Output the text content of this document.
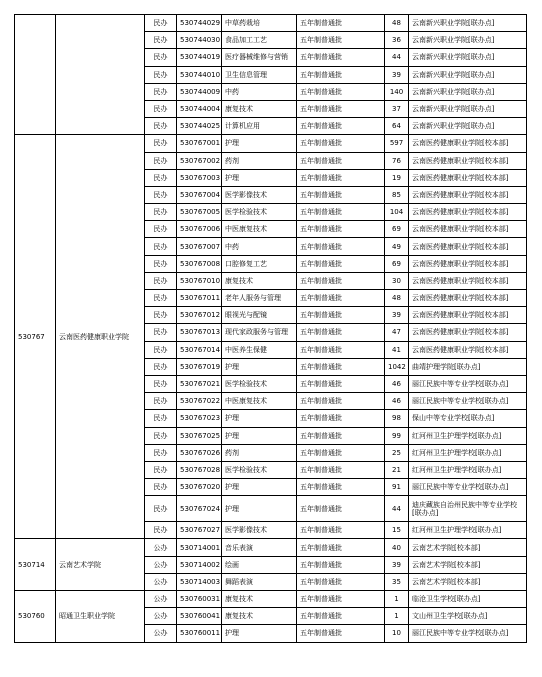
		民办	530744029	中草药栽培	五年制普通批	48	云南新兴职业学院[联办点]
		民办	530744030	食品加工工艺	五年制普通批	36	云南新兴职业学院[联办点]
		民办	530744019	医疗器械维修与营销	五年制普通批	44	云南新兴职业学院[联办点]
		民办	530744010	卫生信息管理	五年制普通批	39	云南新兴职业学院[联办点]
		民办	530744009	中药	五年制普通批	140	云南新兴职业学院[联办点]
		民办	530744004	康复技术	五年制普通批	37	云南新兴职业学院[联办点]
		民办	530744025	计算机应用	五年制普通批	64	云南新兴职业学院[联办点]
530767	云南医药健康职业学院	民办	530767001	护理	五年制普通批	597	云南医药健康职业学院[校本部]
		民办	530767002	药剂	五年制普通批	76	云南医药健康职业学院[校本部]
		民办	530767003	护理	五年制普通批	19	云南医药健康职业学院[校本部]
		民办	530767004	医学影像技术	五年制普通批	85	云南医药健康职业学院[校本部]
		民办	530767005	医学检验技术	五年制普通批	104	云南医药健康职业学院[校本部]
		民办	530767006	中医康复技术	五年制普通批	69	云南医药健康职业学院[校本部]
		民办	530767007	中药	五年制普通批	49	云南医药健康职业学院[校本部]
		民办	530767008	口腔修复工艺	五年制普通批	69	云南医药健康职业学院[校本部]
		民办	530767010	康复技术	五年制普通批	30	云南医药健康职业学院[校本部]
		民办	530767011	老年人服务与管理	五年制普通批	48	云南医药健康职业学院[校本部]
		民办	530767012	眼视光与配镜	五年制普通批	39	云南医药健康职业学院[校本部]
		民办	530767013	现代家政服务与管理	五年制普通批	47	云南医药健康职业学院[校本部]
		民办	530767014	中医养生保健	五年制普通批	41	云南医药健康职业学院[校本部]
		民办	530767019	护理	五年制普通批	1042	曲靖护理学院[联办点]
		民办	530767021	医学检验技术	五年制普通批	46	丽江民族中等专业学校[联办点]
		民办	530767022	中医康复技术	五年制普通批	46	丽江民族中等专业学校[联办点]
		民办	530767023	护理	五年制普通批	98	保山中等专业学校[联办点]
		民办	530767025	护理	五年制普通批	99	红河州卫生护理学校[联办点]
		民办	530767026	药剂	五年制普通批	25	红河州卫生护理学校[联办点]
		民办	530767028	医学检验技术	五年制普通批	21	红河州卫生护理学校[联办点]
		民办	530767020	护理	五年制普通批	91	丽江民族中等专业学校[联办点]
		民办	530767024	护理	五年制普通批	44	迪庆藏族自治州民族中等专业学校[联办点]
		民办	530767027	医学影像技术	五年制普通批	15	红河州卫生护理学校[联办点]
530714	云南艺术学院	公办	530714001	音乐表演	五年制普通批	40	云南艺术学院[校本部]
		公办	530714002	绘画	五年制普通批	39	云南艺术学院[校本部]
		公办	530714003	舞蹈表演	五年制普通批	35	云南艺术学院[校本部]
530760	昭通卫生职业学院	公办	530760031	康复技术	五年制普通批	1	临沧卫生学校[联办点]
		公办	530760041	康复技术	五年制普通批	1	文山州卫生学校[联办点]
		公办	530760011	护理	五年制普通批	10	丽江民族中等专业学校[联办点]
